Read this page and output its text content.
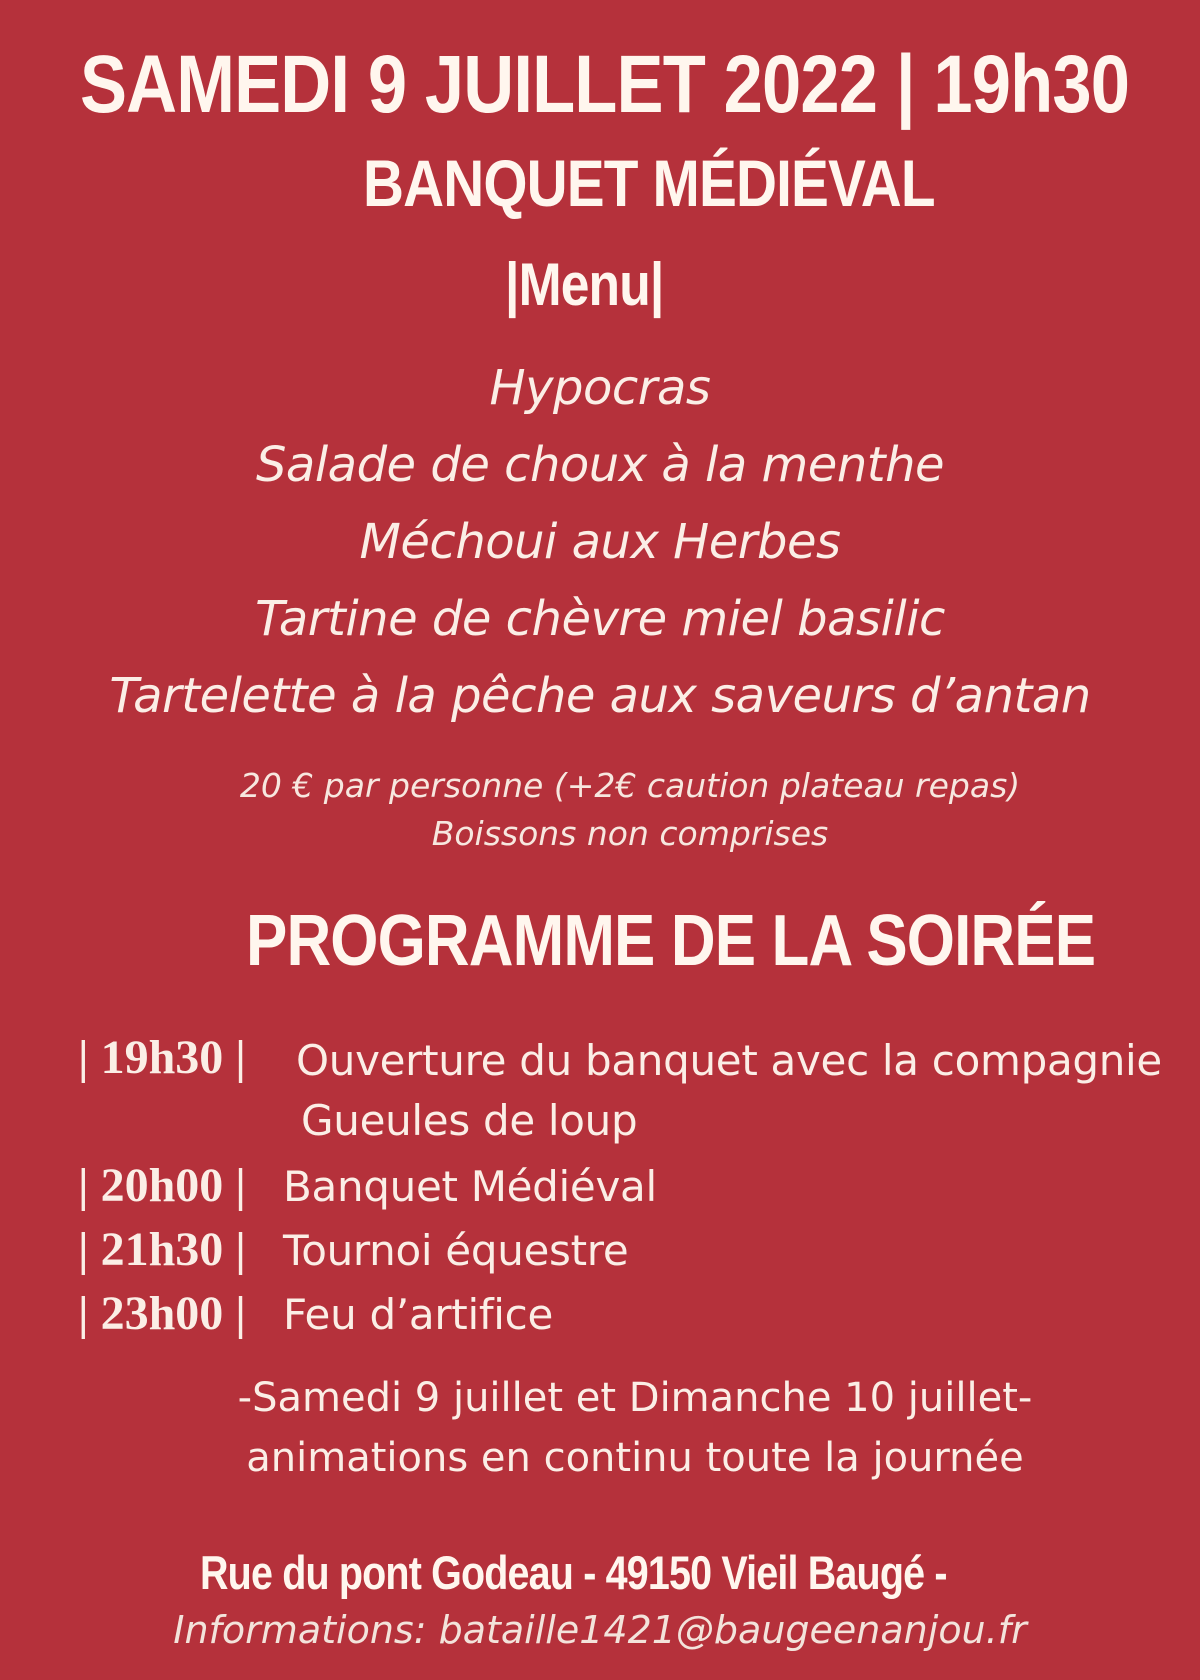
SAMEDI 9 JUILLET 2022 | 19h30
BANQUET MÉDIÉVAL
|Menu|
Hypocras
Salade de choux à la menthe
Méchoui aux Herbes
Tartine de chèvre miel basilic
Tartelette à la pêche aux saveurs d’antan
20 € par personne (+2€ caution plateau repas)
Boissons non comprises
PROGRAMME DE LA SOIRÉE
| 19h30 | Ouverture du banquet avec la compagnie
Gueules de loup
| 20h00 | Banquet Médiéval
| 21h30 | Tournoi équestre
| 23h00 | Feu d’artifice
-Samedi 9 juillet et Dimanche 10 juillet-
animations en continu toute la journée
Rue du pont Godeau - 49150 Vieil Baugé -
Informations: bataille1421@baugeenanjou.fr
